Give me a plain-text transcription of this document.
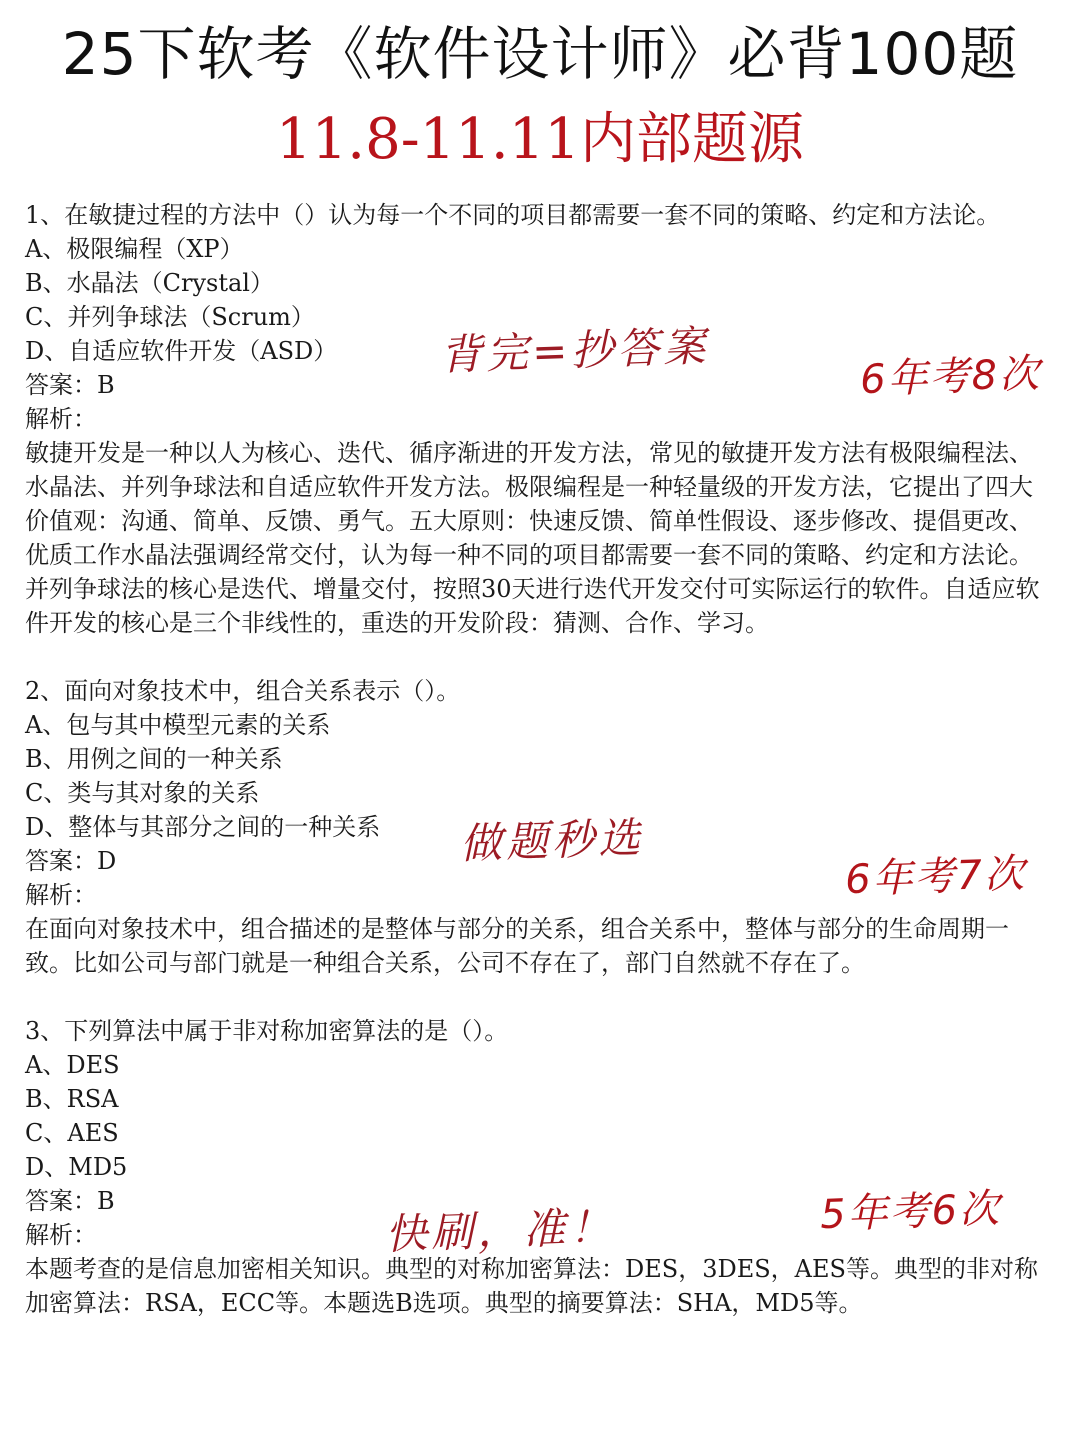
25下软考《软件设计师》必背100题
11.8-11.11内部题源
1、在敏捷过程的方法中（）认为每一个不同的项目都需要一套不同的策略、约定和方法论。
A、极限编程（XP）
B、水晶法（Crystal）
C、并列争球法（Scrum）
D、自适应软件开发（ASD）
答案：B
解析：
敏捷开发是一种以人为核心、迭代、循序渐进的开发方法，常见的敏捷开发方法有极限编程法、水晶法、并列争球法和自适应软件开发方法。极限编程是一种轻量级的开发方法，它提出了四大价值观：沟通、简单、反馈、勇气。五大原则：快速反馈、简单性假设、逐步修改、提倡更改、优质工作水晶法强调经常交付，认为每一种不同的项目都需要一套不同的策略、约定和方法论。并列争球法的核心是迭代、增量交付，按照30天进行迭代开发交付可实际运行的软件。自适应软件开发的核心是三个非线性的，重迭的开发阶段：猜测、合作、学习。
2、面向对象技术中，组合关系表示（）。
A、包与其中模型元素的关系
B、用例之间的一种关系
C、类与其对象的关系
D、整体与其部分之间的一种关系
答案：D
解析：
在面向对象技术中，组合描述的是整体与部分的关系，组合关系中，整体与部分的生命周期一致。比如公司与部门就是一种组合关系，公司不存在了，部门自然就不存在了。
3、下列算法中属于非对称加密算法的是（）。
A、DES
B、RSA
C、AES
D、MD5
答案：B
解析：
本题考查的是信息加密相关知识。典型的对称加密算法：DES，3DES，AES等。典型的非对称加密算法：RSA，ECC等。本题选B选项。典型的摘要算法：SHA，MD5等。
背完=抄答案	6年考8次
做题秒选
6年考7次
快刷，准！	5年考6次
